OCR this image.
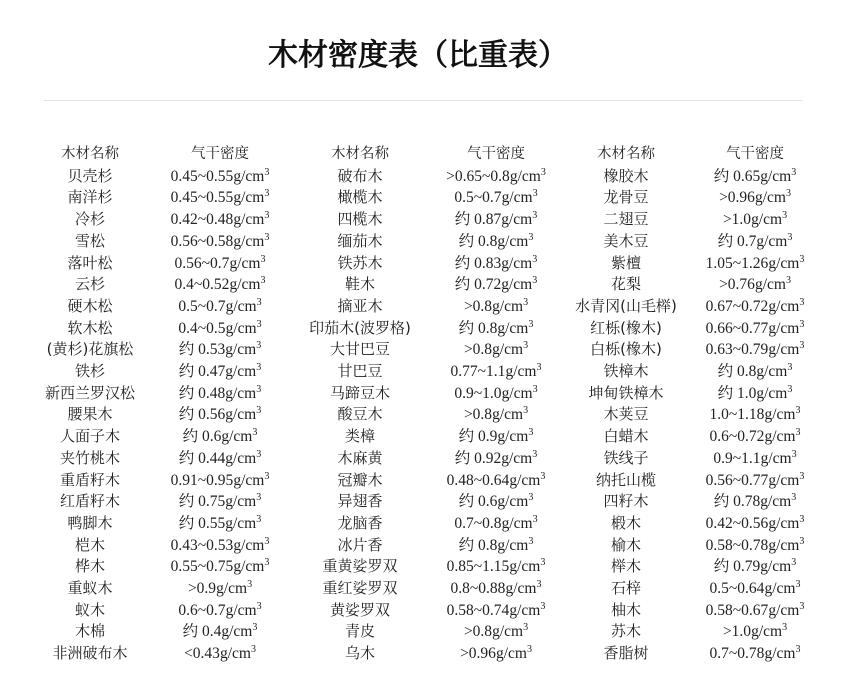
木材密度表（比重表）
木材名称	气干密度	木材名称	气干密度	木材名称	气干密度
贝壳杉	$0.45\sim 0.55g/cm^3$	破布木	$>0.65\sim 0.8g/cm^3$	橡胶木	约 $0.65g/cm^3$
南洋杉	$0.45\sim 0.55g/cm^3$	橄榄木	$0.5\sim 0.7g/cm^3$	龙骨豆	$>0.96g/cm^3$
冷杉	$0.42\sim 0.48g/cm^3$	四榄木	约 $0.87g/cm^3$	二翅豆	$>1.0g/cm^3$
雪松	$0.56\sim 0.58g/cm^3$	缅茄木	约 $0.8g/cm^3$	美木豆	约 $0.7g/cm^3$
落叶松	$0.56\sim 0.7g/cm^3$	铁苏木	约 $0.83g/cm^3$	紫檀	$1.05\sim 1.26g/cm^3$
云杉	$0.4\sim 0.52g/cm^3$	鞋木	约 $0.72g/cm^3$	花梨	$>0.76g/cm^3$
硬木松	$0.5\sim 0.7g/cm^3$	摘亚木	$>0.8g/cm^3$	水青冈(山毛榉)	$0.67\sim 0.72g/cm^3$
软木松	$0.4\sim 0.5g/cm^3$	印茄木(波罗格)	约 $0.8g/cm^3$	红栎(橡木)	$0.66\sim 0.77g/cm^3$
(黄杉)花旗松	约 $0.53g/cm^3$	大甘巴豆	$>0.8g/cm^3$	白栎(橡木)	$0.63\sim 0.79g/cm^3$
铁杉	约 $0.47g/cm^3$	甘巴豆	$0.77\sim 1.1g/cm^3$	铁樟木	约 $0.8g/cm^3$
新西兰罗汉松	约 $0.48g/cm^3$	马蹄豆木	$0.9\sim 1.0g/cm^3$	坤甸铁樟木	约 $1.0g/cm^3$
腰果木	约 $0.56g/cm^3$	酸豆木	$>0.8g/cm^3$	木荚豆	$1.0\sim 1.18g/cm^3$
人面子木	约 $0.6g/cm^3$	类樟	约 $0.9g/cm^3$	白蜡木	$0.6\sim 0.72g/cm^3$
夹竹桃木	约 $0.44g/cm^3$	木麻黄	约 $0.92g/cm^3$	铁线子	$0.9\sim 1.1g/cm^3$
重盾籽木	$0.91\sim 0.95g/cm^3$	冠瓣木	$0.48\sim 0.64g/cm^3$	纳托山榄	$0.56\sim 0.77g/cm^3$
红盾籽木	约 $0.75g/cm^3$	异翅香	约 $0.6g/cm^3$	四籽木	约 $0.78g/cm^3$
鸭脚木	约 $0.55g/cm^3$	龙脑香	$0.7\sim 0.8g/cm^3$	椴木	$0.42\sim 0.56g/cm^3$
桤木	$0.43\sim 0.53g/cm^3$	冰片香	约 $0.8g/cm^3$	榆木	$0.58\sim 0.78g/cm^3$
桦木	$0.55\sim 0.75g/cm^3$	重黄娑罗双	$0.85\sim 1.15g/cm^3$	榉木	约 $0.79g/cm^3$
重蚁木	$>0.9g/cm^3$	重红娑罗双	$0.8\sim 0.88g/cm^3$	石梓	$0.5\sim 0.64g/cm^3$
蚁木	$0.6\sim 0.7g/cm^3$	黄娑罗双	$0.58\sim 0.74g/cm^3$	柚木	$0.58\sim 0.67g/cm^3$
木棉	约 $0.4g/cm^3$	青皮	$>0.8g/cm^3$	苏木	$>1.0g/cm^3$
非洲破布木	$<0.43g/cm^3$	乌木	$>0.96g/cm^3$	香脂树	$0.7\sim 0.78g/cm^3$
